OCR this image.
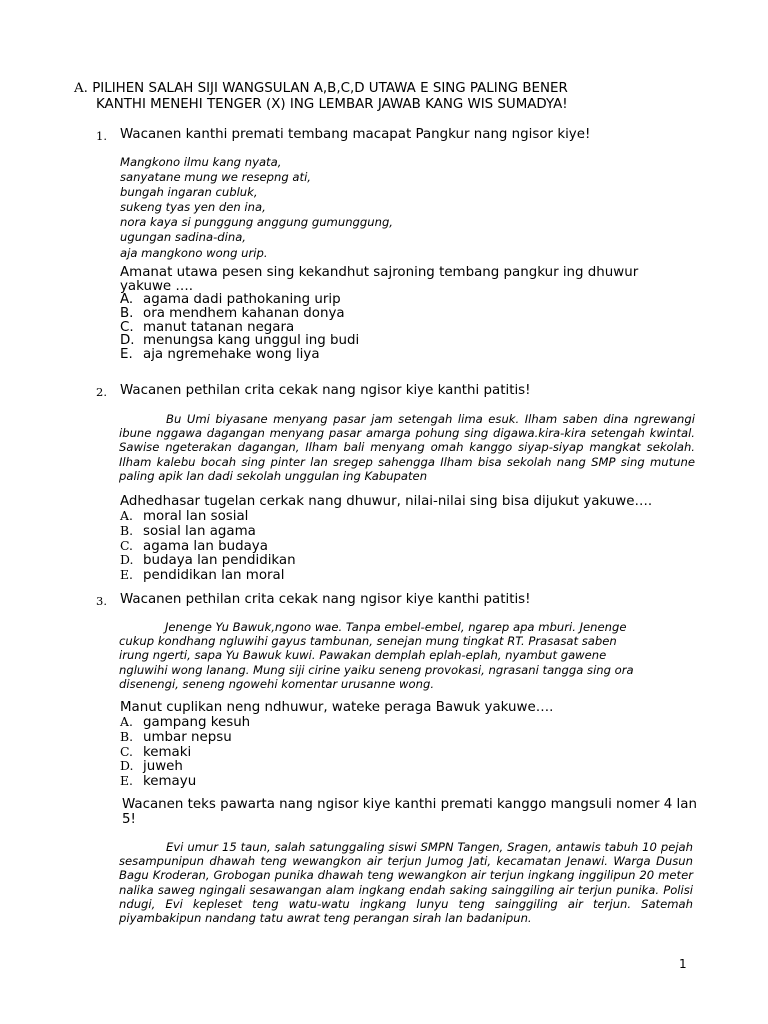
A. PILIHEN SALAH SIJI WANGSULAN A,B,C,D UTAWA E SING PALING BENER
KANTHI MENEHI TENGER (X) ING LEMBAR JAWAB KANG WIS SUMADYA!
1. Wacanen kanthi premati tembang macapat Pangkur nang ngisor kiye!
Mangkono ilmu kang nyata,
sanyatane mung we resepng ati,
bungah ingaran cubluk,
sukeng tyas yen den ina,
nora kaya si punggung anggung gumunggung,
ugungan sadina-dina,
aja mangkono wong urip.
Amanat utawa pesen sing kekandhut sajroning tembang pangkur ing dhuwur yakuwe ….
A. agama dadi pathokaning urip
B. ora mendhem kahanan donya
C. manut tatanan negara
D. menungsa kang unggul ing budi
E. aja ngremehake wong liya
2. Wacanen pethilan crita cekak nang ngisor kiye kanthi patitis!

Bu Umi biyasane menyang pasar jam setengah lima esuk. Ilham saben dina ngrewangi ibune nggawa dagangan menyang pasar amarga pohung sing digawa.kira-kira setengah kwintal. Sawise ngeterakan dagangan, Ilham bali menyang omah kanggo siyap-siyap mangkat sekolah. Ilham kalebu bocah sing pinter lan sregep sahengga Ilham bisa sekolah nang SMP sing mutune paling apik lan dadi sekolah unggulan ing Kabupaten

Adhedhasar tugelan cerkak nang dhuwur, nilai-nilai sing bisa dijukut yakuwe….
A. moral lan sosial
B. sosial lan agama
C. agama lan budaya
D. budaya lan pendidikan
E. pendidikan lan moral
3. Wacanen pethilan crita cekak nang ngisor kiye kanthi patitis!

Jenenge Yu Bawuk,ngono wae. Tanpa embel-embel, ngarep apa mburi. Jenenge

cukup kondhang ngluwihi gayus tambunan, senejan mung tingkat RT. Prasasat saben
irung ngerti, sapa Yu Bawuk kuwi. Pawakan demplah eplah-eplah, nyambut gawene
ngluwihi wong lanang. Mung siji cirine yaiku seneng provokasi, ngrasani tangga sing ora
disenengi, seneng ngowehi komentar urusanne wong.
Manut cuplikan neng ndhuwur, wateke peraga Bawuk yakuwe….
A. gampang kesuh
B. umbar nepsu
C. kemaki
D. juweh
E. kemayu
Wacanen teks pawarta nang ngisor kiye kanthi premati kanggo mangsuli nomer 4 lan 5!

Evi umur 15 taun, salah satunggaling siswi SMPN Tangen, Sragen, antawis tabuh 10 pejah sesampunipun dhawah teng wewangkon air terjun Jumog Jati, kecamatan Jenawi. Warga Dusun Bagu Kroderan, Grobogan punika dhawah teng wewangkon air terjun ingkang inggilipun 20 meter nalika saweg ngingali sesawangan alam ingkang endah saking sainggiling air terjun punika. Polisi ndugi, Evi kepleset teng watu-watu ingkang lunyu teng sainggiling air terjun. Satemah piyambakipun nandang tatu awrat teng perangan sirah lan badanipun.

1
